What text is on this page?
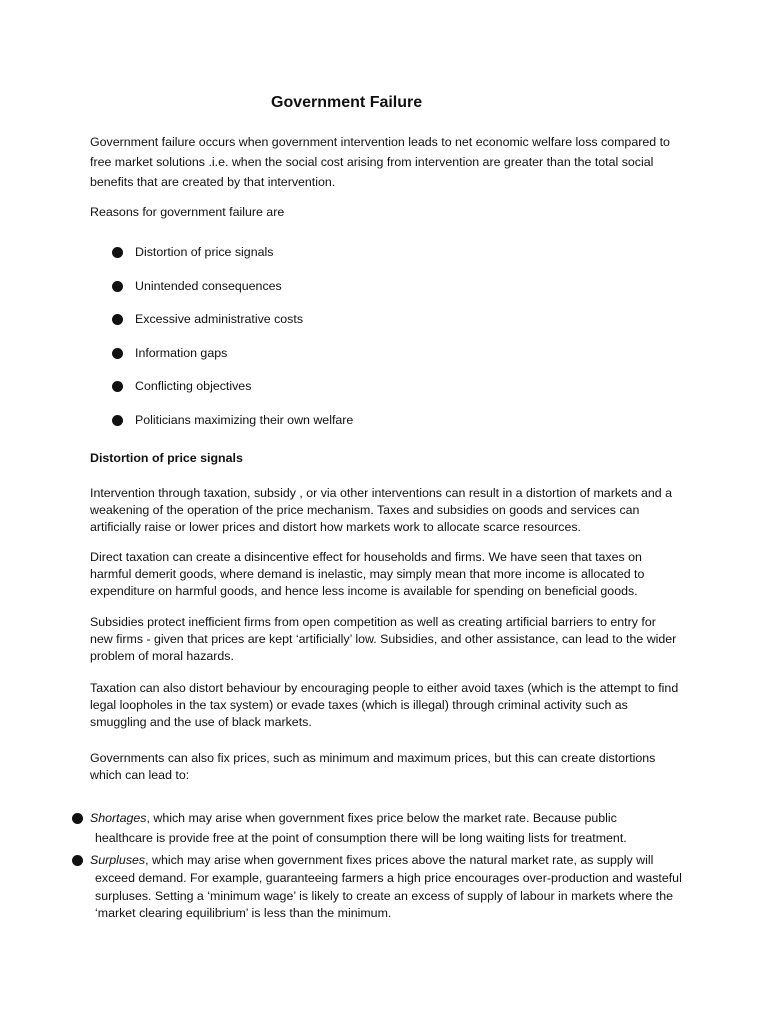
Government Failure

Government failure occurs when government intervention leads to net economic welfare loss compared to free market solutions .i.e. when the social cost arising from intervention are greater than the total social benefits that are created by that intervention.

Reasons for government failure are

Distortion of price signals
Unintended consequences
Excessive administrative costs
Information gaps
Conflicting objectives
Politicians maximizing their own welfare
Distortion of price signals

Intervention through taxation, subsidy , or via other interventions can result in a distortion of markets and a weakening of the operation of the price mechanism. Taxes and subsidies on goods and services can artificially raise or lower prices and distort how markets work to allocate scarce resources.

Direct taxation can create a disincentive effect for households and firms. We have seen that taxes on harmful demerit goods, where demand is inelastic, may simply mean that more income is allocated to expenditure on harmful goods, and hence less income is available for spending on beneficial goods.

Subsidies protect inefficient firms from open competition as well as creating artificial barriers to entry for new firms - given that prices are kept ‘artificially’ low. Subsidies, and other assistance, can lead to the wider problem of moral hazards.

Taxation can also distort behaviour by encouraging people to either avoid taxes (which is the attempt to find legal loopholes in the tax system) or evade taxes (which is illegal) through criminal activity such as smuggling and the use of black markets.

Governments can also fix prices, such as minimum and maximum prices, but this can create distortions which can lead to:

Shortages, which may arise when government fixes price below the market rate. Because public
healthcare is provide free at the point of consumption there will be long waiting lists for treatment.
Surpluses, which may arise when government fixes prices above the natural market rate, as supply will
exceed demand. For example, guaranteeing farmers a high price encourages over-production and wasteful surpluses. Setting a ‘minimum wage’ is likely to create an excess of supply of labour in markets where the ‘market clearing equilibrium’ is less than the minimum.
